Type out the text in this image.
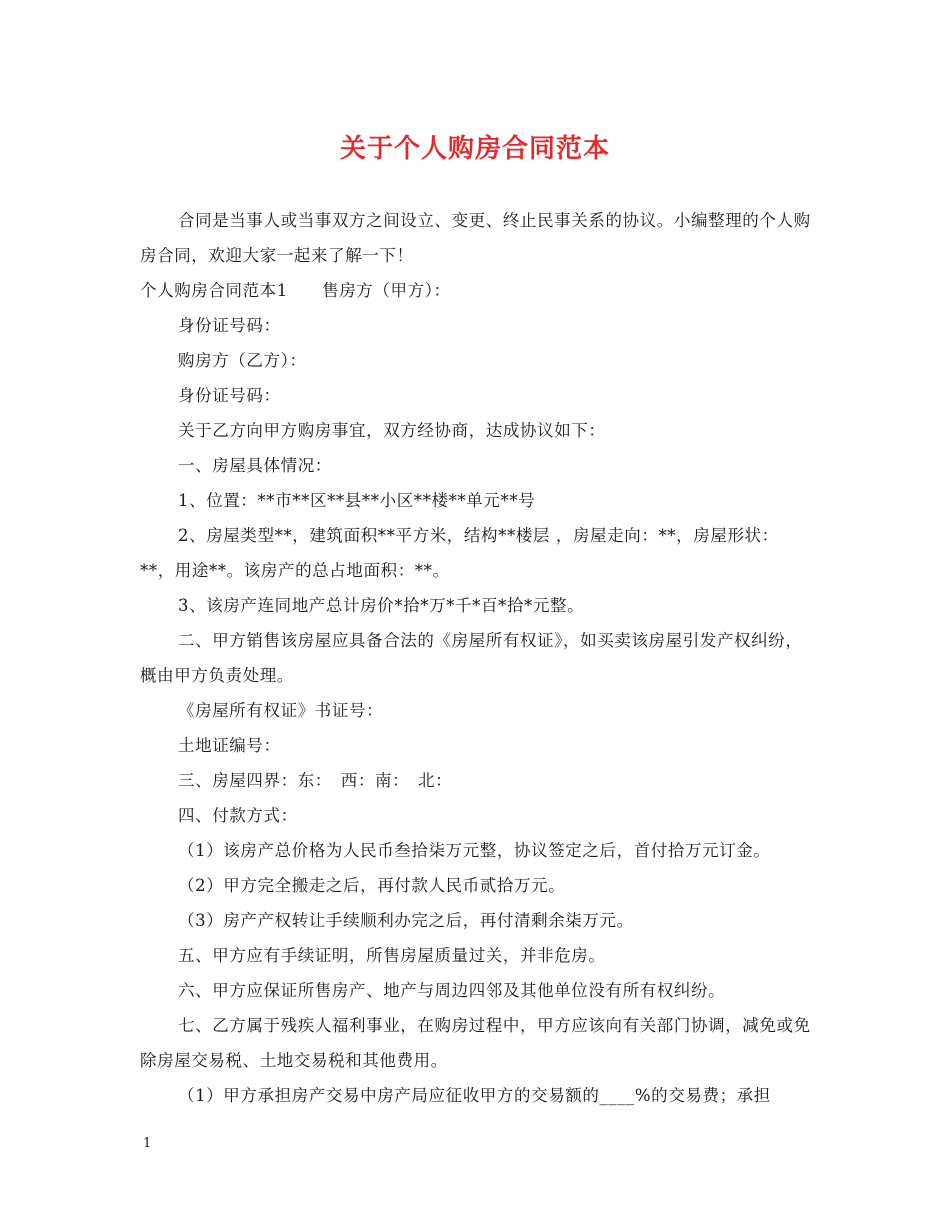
关于个人购房合同范本

合同是当事人或当事双方之间设立、变更、终止民事关系的协议。小编整理的个人购房合同，欢迎大家一起来了解一下！

个人购房合同范本1　　售房方（甲方）：

身份证号码：

购房方（乙方）：

身份证号码：

关于乙方向甲方购房事宜，双方经协商，达成协议如下：

一、房屋具体情况：

1、位置：**市**区**县**小区**楼**单元**号

2、房屋类型**，建筑面积**平方米，结构**楼层 ，房屋走向：**，房屋形状：**，用途**。该房产的总占地面积：**。

3、该房产连同地产总计房价*拾*万*千*百*拾*元整。

二、甲方销售该房屋应具备合法的《房屋所有权证》，如买卖该房屋引发产权纠纷，概由甲方负责处理。

《房屋所有权证》书证号：

土地证编号：

三、房屋四界：东：　西：南：　北：

四、付款方式：

（1）该房产总价格为人民币叁拾柒万元整，协议签定之后，首付拾万元订金。

（2）甲方完全搬走之后，再付款人民币贰拾万元。

（3）房产产权转让手续顺利办完之后，再付清剩余柒万元。

五、甲方应有手续证明，所售房屋质量过关，并非危房。

六、甲方应保证所售房产、地产与周边四邻及其他单位没有所有权纠纷。

七、乙方属于残疾人福利事业，在购房过程中，甲方应该向有关部门协调，减免或免除房屋交易税、土地交易税和其他费用。

（1）甲方承担房产交易中房产局应征收甲方的交易额的____%的交易费；承担

1
